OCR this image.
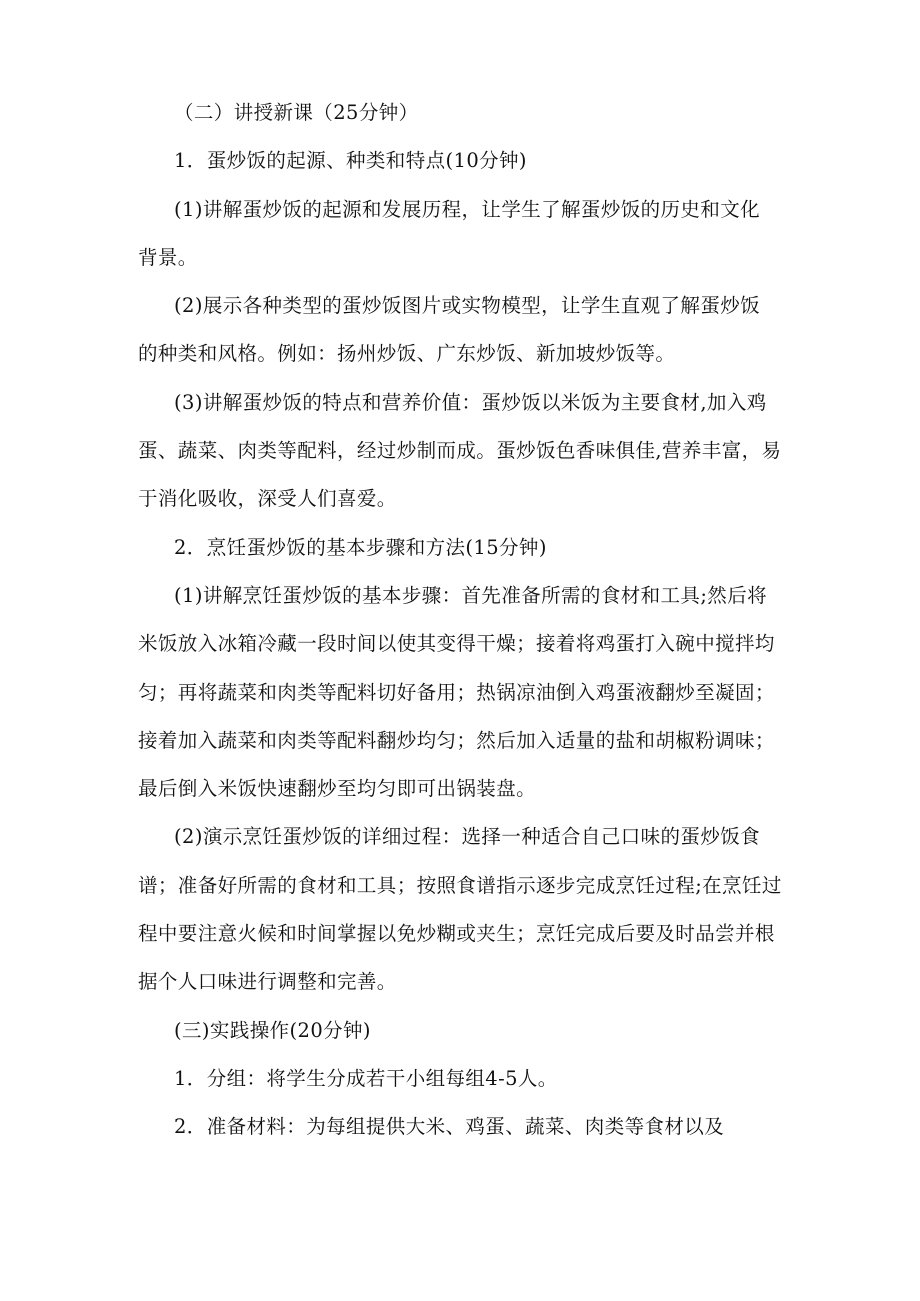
（二）讲授新课（25分钟）
1．蛋炒饭的起源、种类和特点(10分钟)
(1)讲解蛋炒饭的起源和发展历程，让学生了解蛋炒饭的历史和文化
背景。
(2)展示各种类型的蛋炒饭图片或实物模型，让学生直观了解蛋炒饭
的种类和风格。例如：扬州炒饭、广东炒饭、新加坡炒饭等。
(3)讲解蛋炒饭的特点和营养价值：蛋炒饭以米饭为主要食材,加入鸡
蛋、蔬菜、肉类等配料，经过炒制而成。蛋炒饭色香味俱佳,营养丰富，易
于消化吸收，深受人们喜爱。
2．烹饪蛋炒饭的基本步骤和方法(15分钟)
(1)讲解烹饪蛋炒饭的基本步骤：首先准备所需的食材和工具;然后将
米饭放入冰箱冷藏一段时间以使其变得干燥；接着将鸡蛋打入碗中搅拌均
匀；再将蔬菜和肉类等配料切好备用；热锅凉油倒入鸡蛋液翻炒至凝固；
接着加入蔬菜和肉类等配料翻炒均匀；然后加入适量的盐和胡椒粉调味；
最后倒入米饭快速翻炒至均匀即可出锅装盘。
(2)演示烹饪蛋炒饭的详细过程：选择一种适合自己口味的蛋炒饭食
谱；准备好所需的食材和工具；按照食谱指示逐步完成烹饪过程;在烹饪过
程中要注意火候和时间掌握以免炒糊或夹生；烹饪完成后要及时品尝并根
据个人口味进行调整和完善。
(三)实践操作(20分钟)
1．分组：将学生分成若干小组每组4-5人。
2．准备材料：为每组提供大米、鸡蛋、蔬菜、肉类等食材以及
